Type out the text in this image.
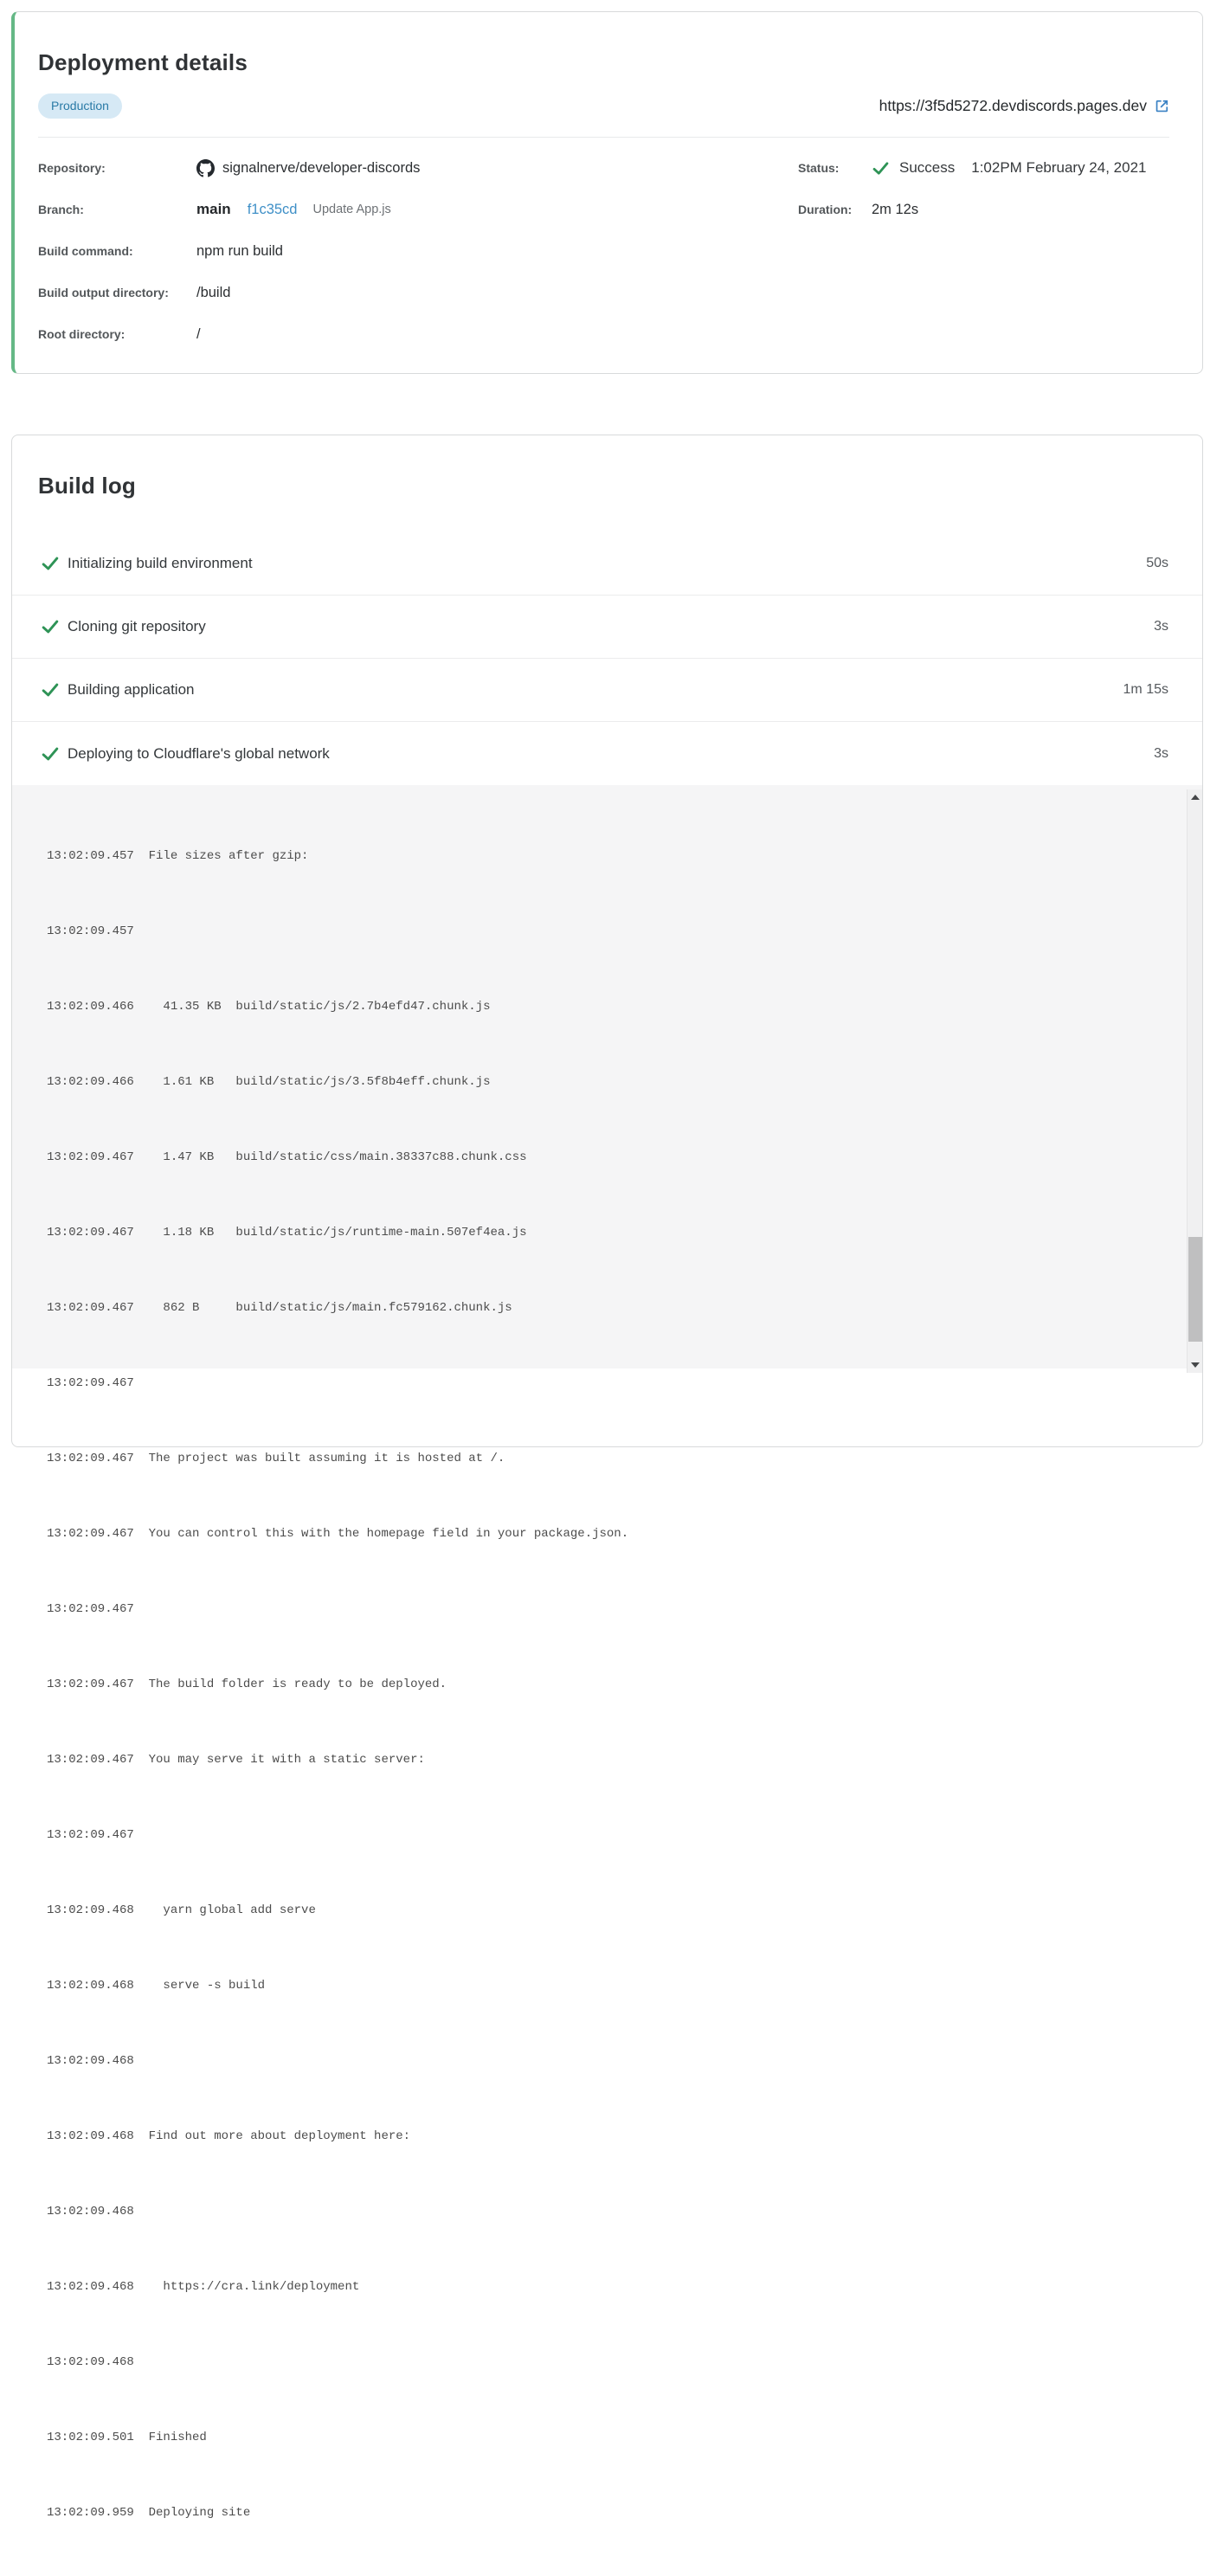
Deployment details
Production	https://3f5d5272.devdiscords.pages.dev
Repository:	signalnerve/developer-discords
Branch:	main f1c35cd Update App.js
Build command:	npm run build
Build output directory:	/build
Root directory:	/
Status:	Success 1:02PM February 24, 2021
Duration:	2m 12s
Build log
Initializing build environment	50s
Cloning git repository	3s
Building application	1m 15s
Deploying to Cloudflare's global network	3s

13:02:09.457  File sizes after gzip:

13:02:09.457

13:02:09.466    41.35 KB  build/static/js/2.7b4efd47.chunk.js

13:02:09.466    1.61 KB   build/static/js/3.5f8b4eff.chunk.js

13:02:09.467    1.47 KB   build/static/css/main.38337c88.chunk.css

13:02:09.467    1.18 KB   build/static/js/runtime-main.507ef4ea.js

13:02:09.467    862 B     build/static/js/main.fc579162.chunk.js

13:02:09.467

13:02:09.467  The project was built assuming it is hosted at /.

13:02:09.467  You can control this with the homepage field in your package.json.

13:02:09.467

13:02:09.467  The build folder is ready to be deployed.

13:02:09.467  You may serve it with a static server:

13:02:09.467

13:02:09.468    yarn global add serve

13:02:09.468    serve -s build

13:02:09.468

13:02:09.468  Find out more about deployment here:

13:02:09.468

13:02:09.468    https://cra.link/deployment

13:02:09.468

13:02:09.501  Finished

13:02:09.959  Deploying site
